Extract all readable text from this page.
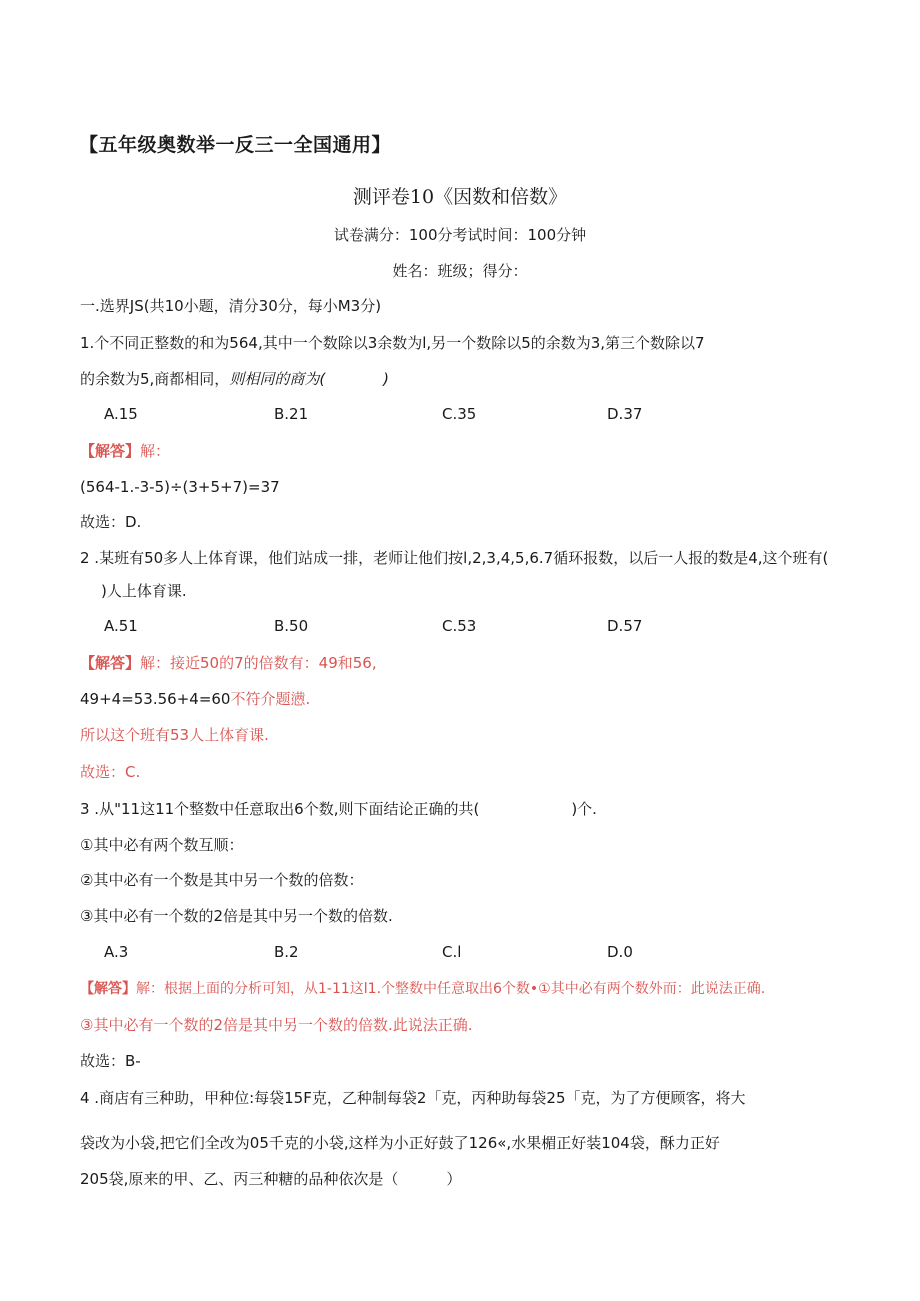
【五年级奥数举一反三一全国通用】
测评卷10《因数和倍数》
试卷满分：100分考试时间：100分钟
姓名：班级；得分：
一.选界JS(共10小题，清分30分，每小M3分)
1.个不同正整数的和为564,其中一个数除以3余数为l,另一个数除以5的余数为3,第三个数除以7
的余数为5,商都相同，则相同的商为(	)
A.15	B.21	C.35	D.37
【解答】解：
(564-1.-3-5)÷(3+5+7)=37
故选：D.
2 .某班有50多人上体育课，他们站成一排，老师让他们按l,2,3,4,5,6.7循环报数，以后一人报的数是4,这个班有(
)人上体育课.
A.51	B.50	C.53	D.57
【解答】解：接近50的7的倍数有：49和56,
49+4=53.56+4=60不符介题懑.
所以这个班有53人上体育课.
故选：C.
3 .从"11这11个整数中任意取出6个数,则下面结论正确的共(	)个.
①其中必有两个数互顺：
②其中必有一个数是其中另一个数的倍数：
③其中必有一个数的2倍是其中另一个数的倍数.
A.3	B.2	C.l	D.0
【解答】解：根据上面的分析可知，从1-11这l1.个整数中任意取出6个数•①其中必有两个数外而：此说法正确.
③其中必有一个数的2倍是其中另一个数的倍数.此说法正确.
故选：B-
4 .商店有三种助，甲种位:每袋15F克，乙种制每袋2「克，丙种助每袋25「克，为了方便顾客，将大
袋改为小袋,把它们全改为05千克的小袋,这样为小正好鼓了126«,水果楣正好装104袋，酥力正好
205袋,原来的甲、乙、丙三种糖的品种依次是（	）
